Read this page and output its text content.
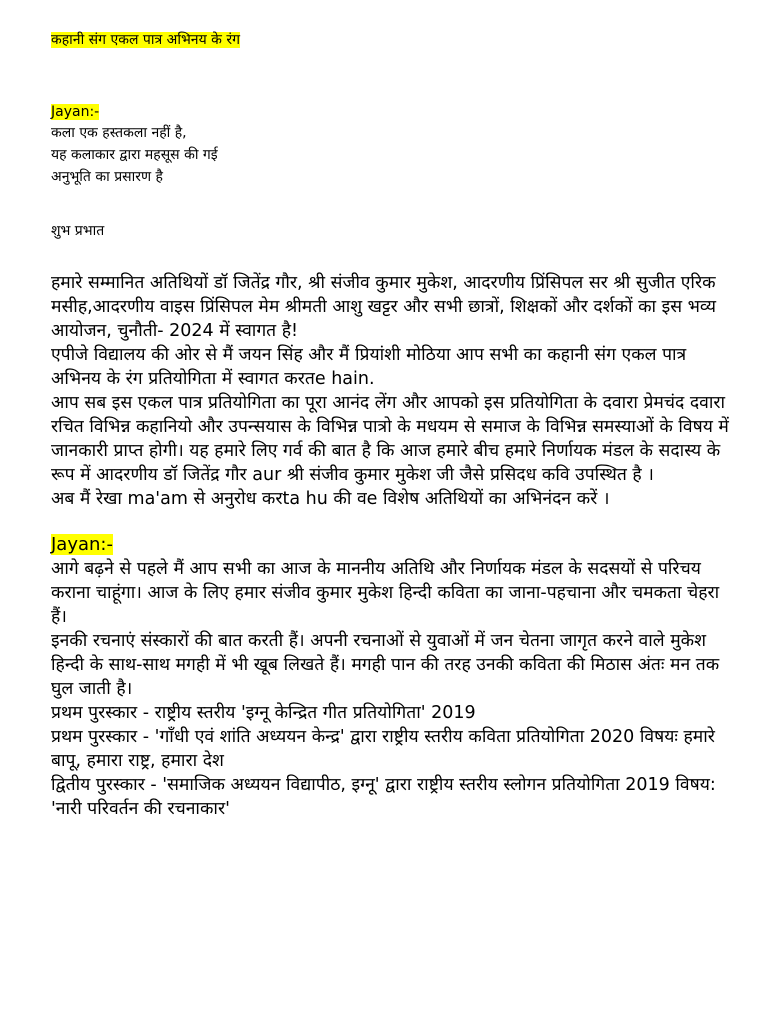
कहानी संग एकल पात्र अभिनय के रंग

Jayan:-

कला एक हस्तकला नहीं है,

यह कलाकार द्वारा महसूस की गई

अनुभूति का प्रसारण है

शुभ प्रभात

हमारे सम्मानित अतिथियों डॉ जितेंद्र गौर, श्री संजीव कुमार मुकेश, आदरणीय प्रिंसिपल सर श्री सुजीत एरिक मसीह,आदरणीय वाइस प्रिंसिपल मेम श्रीमती आशु खट्टर और सभी छात्रों, शिक्षकों और दर्शकों का इस भव्य आयोजन, चुनौती- 2024 में स्वागत है!

एपीजे विद्यालय की ओर से मैं जयन सिंह और मैं प्रियांशी मोठिया आप सभी का कहानी संग एकल पात्र अभिनय के रंग प्रतियोगिता में स्वागत करतe hain.

आप सब इस एकल पात्र प्रतियोगिता का पूरा आनंद लेंग और आपको इस प्रतियोगिता के दवारा प्रेमचंद दवारा रचित विभिन्न कहानियो और उपन्सयास के विभिन्न पात्रो के मधयम से समाज के विभिन्न समस्याओं के विषय में जानकारी प्राप्त होगी। यह हमारे लिए गर्व की बात है कि आज हमारे बीच हमारे निर्णायक मंडल के सदास्य के रूप में आदरणीय डॉ जितेंद्र गौर aur श्री संजीव कुमार मुकेश जी जैसे प्रसिदध कवि उपस्थित है ।

अब मैं रेखा ma'am से अनुरोध करta hu की वe विशेष अतिथियों का अभिनंदन करें ।

Jayan:-

आगे बढ़ने से पहले मैं आप सभी का आज के माननीय अतिथि और निर्णायक मंडल के सदसयों से परिचय कराना चाहूंगा। आज के लिए हमार संजीव कुमार मुकेश हिन्दी कविता का जाना-पहचाना और चमकता चेहरा हैं।

इनकी रचनाएं संस्कारों की बात करती हैं। अपनी रचनाओं से युवाओं में जन चेतना जागृत करने वाले मुकेश हिन्दी के साथ-साथ मगही में भी खूब लिखते हैं। मगही पान की तरह उनकी कविता की मिठास अंतः मन तक घुल जाती है।

प्रथम पुरस्कार - राष्ट्रीय स्तरीय 'इग्नू केन्द्रित गीत प्रतियोगिता' 2019

प्रथम पुरस्कार - 'गाँधी एवं शांति अध्ययन केन्द्र' द्वारा राष्ट्रीय स्तरीय कविता प्रतियोगिता 2020 विषयः हमारे बापू, हमारा राष्ट्र, हमारा देश

द्वितीय पुरस्कार - 'समाजिक अध्ययन विद्यापीठ, इग्नू' द्वारा राष्ट्रीय स्तरीय स्लोगन प्रतियोगिता 2019 विषय: 'नारी परिवर्तन की रचनाकार'
